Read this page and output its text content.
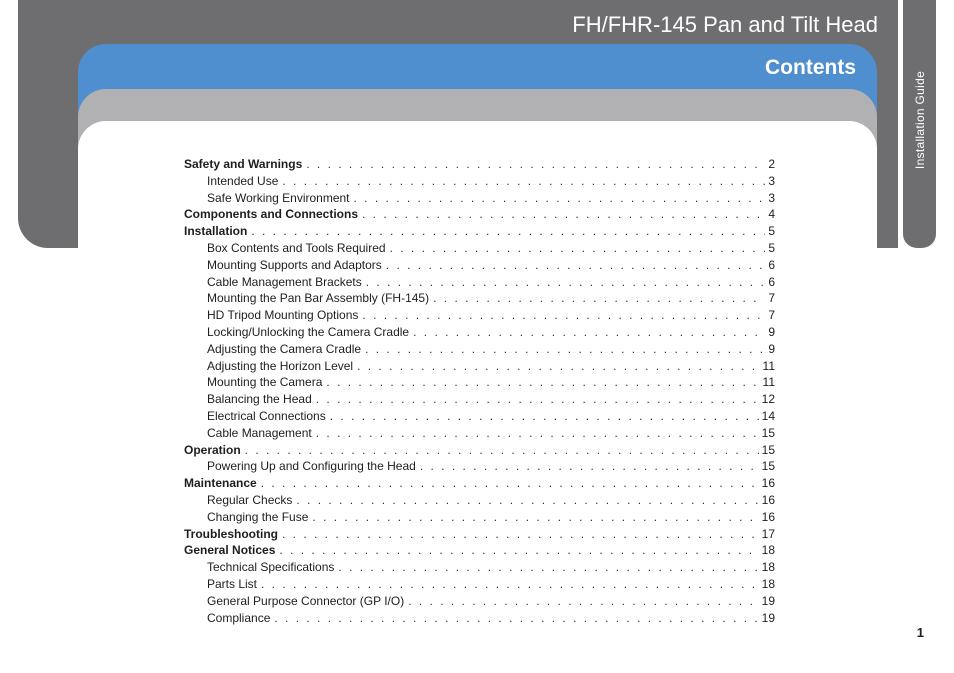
Installation Guide
FH/FHR-145 Pan and Tilt Head
Contents
Safety and Warnings . . .	2
Intended Use . . .	3
Safe Working Environment . . .	3
Components and Connections . . .	4
Installation . . .	5
Box Contents and Tools Required . . .	5
Mounting Supports and Adaptors . . .	6
Cable Management Brackets . . .	6
Mounting the Pan Bar Assembly (FH-145) . . .	7
HD Tripod Mounting Options . . .	7
Locking/Unlocking the Camera Cradle . . .	9
Adjusting the Camera Cradle . . .	9
Adjusting the Horizon Level . . .	11
Mounting the Camera . . .	11
Balancing the Head . . .	12
Electrical Connections . . .	14
Cable Management . . .	15
Operation . . .	15
Powering Up and Configuring the Head . . .	15
Maintenance . . .	16
Regular Checks . . .	16
Changing the Fuse . . .	16
Troubleshooting . . .	17
General Notices . . .	18
Technical Specifications . . .	18
Parts List . . .	18
General Purpose Connector (GP I/O) . . .	19
Compliance . . .	19
1
